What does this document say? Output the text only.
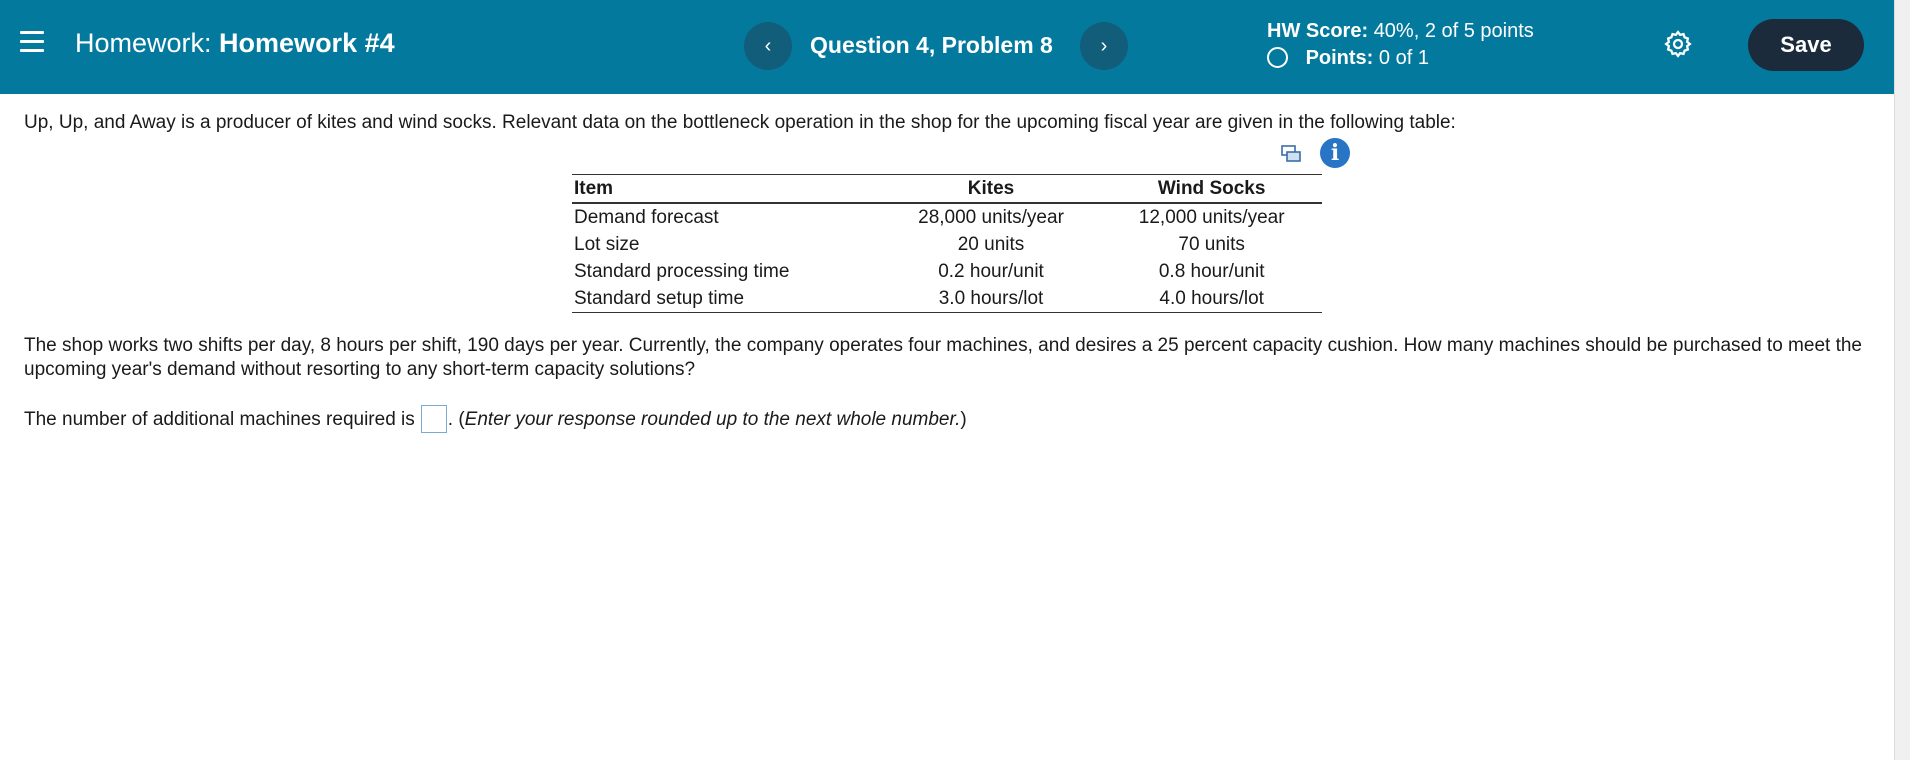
Homework: Homework #4	‹	Question 4, Problem 8	›
HW Score: 40%, 2 of 5 points
Points: 0 of 1
Save
Up, Up, and Away is a producer of kites and wind socks. Relevant data on the bottleneck operation in the shop for the upcoming fiscal year are given in the following table:
i
Item	Kites	Wind Socks
Demand forecast	28,000 units/year	12,000 units/year
Lot size	20 units	70 units
Standard processing time	0.2 hour/unit	0.8 hour/unit
Standard setup time	3.0 hours/lot	4.0 hours/lot
The shop works two shifts per day, 8 hours per shift, 190 days per year. Currently, the company operates four machines, and desires a 25 percent capacity cushion. How many machines should be purchased to meet the upcoming year's demand without resorting to any short-term capacity solutions?
The number of additional machines required is . (Enter your response rounded up to the next whole number.)
